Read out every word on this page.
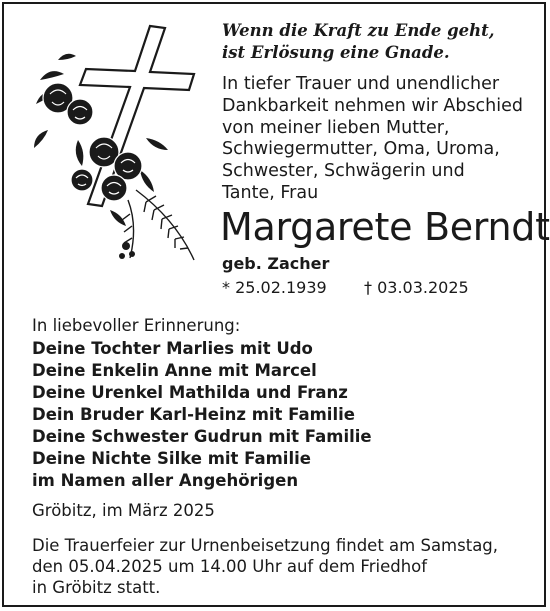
Wenn die Kraft zu Ende geht,
ist Erlösung eine Gnade.
In tiefer Trauer und unendlicher
Dankbarkeit nehmen wir Abschied
von meiner lieben Mutter,
Schwiegermutter, Oma, Uroma,
Schwester, Schwägerin und
Tante, Frau
Margarete Berndt
geb. Zacher
* 25.02.1939 † 03.03.2025
In liebevoller Erinnerung:
Deine Tochter Marlies mit Udo
Deine Enkelin Anne mit Marcel
Deine Urenkel Mathilda und Franz
Dein Bruder Karl-Heinz mit Familie
Deine Schwester Gudrun mit Familie
Deine Nichte Silke mit Familie
im Namen aller Angehörigen
Gröbitz, im März 2025
Die Trauerfeier zur Urnenbeisetzung findet am Samstag,
den 05.04.2025 um 14.00 Uhr auf dem Friedhof
in Gröbitz statt.
